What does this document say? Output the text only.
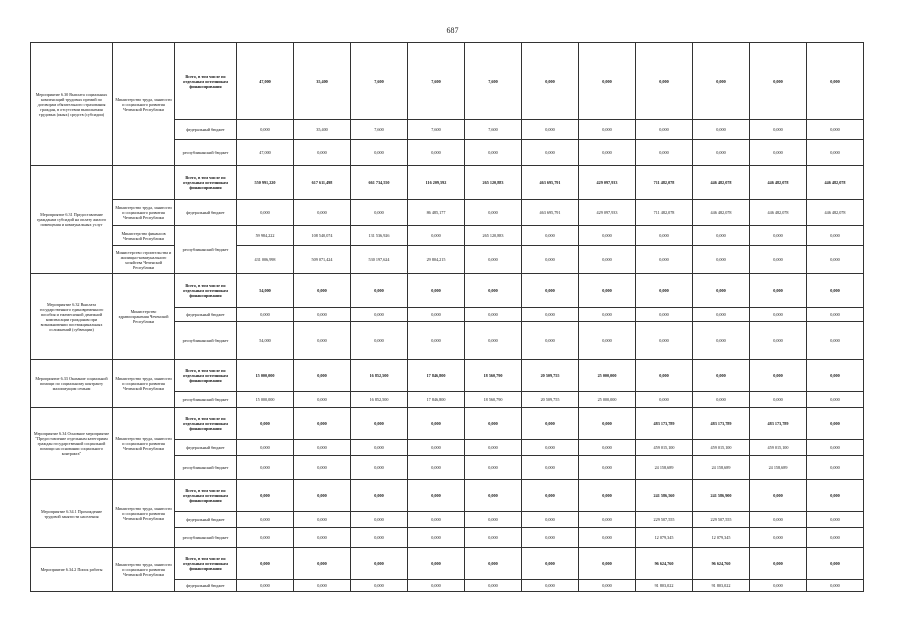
687
Мероприятие 6.30 Выплата социальных компенсаций трудовых премий по договорам обязательного страхования граждан, в отсутствии выполнения трудовых (иных) средств (субсидии)	Министерство труда, занятости и социального развития Чеченской Республики	Всего, в том числе по отдельным источникам финансирования	47,000	35,400	7,600	7,600	7,600	0,000	0,000	0,000	0,000	0,000	0,000
		федеральный бюджет	0,000	35,400	7,600	7,600	7,600	0,000	0,000	0,000	0,000	0,000	0,000
		республиканский бюджет	47,000	0,000	0,000	0,000	0,000	0,000	0,000	0,000	0,000	0,000	0,000
Мероприятие 6.31 Предоставление гражданам субсидий на оплату жилого помещения и коммунальных услуг		Всего, в том числе по отдельным источникам финансирования	550 991,220	617 611,498	661 734,550	116 209,592	265 120,883	463 695,791	429 097,933	711 482,078	446 482,078	446 482,078	446 482,078
	Министерство труда, занятости и социального развития Чеченской Республики	федеральный бюджет	0,000	0,000	0,000	86 485,177	0,000	463 695,791	429 097,933	711 482,078	446 482,078	446 482,078	446 482,078
	Министерство финансов Чеченской Республики	республиканский бюджет	59 984,222	108 540,074	131 536,926	0,000	265 120,883	0,000	0,000	0,000	0,000	0,000	0,000
	Министерство строительства и жилищно-коммунального хозяйства Чеченской Республики		431 006,998	509 071,424	530 197,624	29 804,215	0,000	0,000	0,000	0,000	0,000	0,000	0,000
Мероприятие 6.32 Выплата государственного единовременного пособия и ежемесячной денежной компенсации гражданам при возникновении поствакцинальных осложнений (субвенции)	Министерство здравоохранения Чеченской Республики	Всего, в том числе по отдельным источникам финансирования	54,000	0,000	0,000	0,000	0,000	0,000	0,000	0,000	0,000	0,000	0,000
		федеральный бюджет	0,000	0,000	0,000	0,000	0,000	0,000	0,000	0,000	0,000	0,000	0,000
		республиканский бюджет	54,000	0,000	0,000	0,000	0,000	0,000	0,000	0,000	0,000	0,000	0,000
Мероприятие 6.33 Оказание социальной помощи по социальному контракту малоимущим семьям	Министерство труда, занятости и социального развития Чеченской Республики	Всего, в том числе по отдельным источникам финансирования	15 000,000	0,000	16 852,500	17 846,800	18 560,790	20 509,755	25 000,000	0,000	0,000	0,000	0,000
		республиканский бюджет	15 000,000	0,000	16 852,500	17 846,800	18 560,790	20 509,755	25 000,000	0,000	0,000	0,000	0,000
Мероприятие 6.34 Основное мероприятие "Предоставление отдельным категориям граждан государственной социальной помощи на основании социального контракта"	Министерство труда, занятости и социального развития Чеченской Республики	Всего, в том числе по отдельным источникам финансирования	0,000	0,000	0,000	0,000	0,000	0,000	0,000	483 173,789	483 173,789	483 173,789	0,000
		федеральный бюджет	0,000	0,000	0,000	0,000	0,000	0,000	0,000	459 015,100	459 015,100	459 015,100	0,000
		республиканский бюджет	0,000	0,000	0,000	0,000	0,000	0,000	0,000	24 158,689	24 158,689	24 158,689	0,000
Мероприятие 6.34.1 Прохождение трудовой занятости населения	Министерство труда, занятости и социального развития Чеченской Республики	Всего, в том числе по отдельным источникам финансирования	0,000	0,000	0,000	0,000	0,000	0,000	0,000	241 586,560	241 586,900	0,000	0,000
		федеральный бюджет	0,000	0,000	0,000	0,000	0,000	0,000	0,000	229 507,555	229 507,555	0,000	0,000
		республиканский бюджет	0,000	0,000	0,000	0,000	0,000	0,000	0,000	12 079,345	12 079,345	0,000	0,000
Мероприятие 6.34.2 Поиск работы	Министерство труда, занятости и социального развития Чеченской Республики	Всего, в том числе по отдельным источникам финансирования	0,000	0,000	0,000	0,000	0,000	0,000	0,000	96 624,760	96 624,760	0,000	0,000
		федеральный бюджет	0,000	0,000	0,000	0,000	0,000	0,000	0,000	91 803,022	91 803,022	0,000	0,000
